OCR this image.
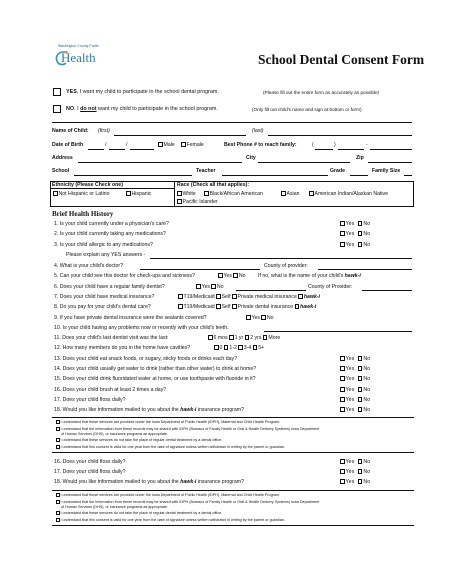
Washington County Public
Health	School Dental Consent Form
YES, I want my child to participate in the school dental program.	(Please fill out the entire form as accurately as possible)
NO, I do not want my child to participate in the school program.	(Only fill out child's name and sign at bottom or form)
Name of Child: (first)	(last)
Date of Birth	/	/	Male	Female	Best Phone # to reach family:	(	)	-
Address	City	Zip
School	Teacher	Grade	Family Size
Ethnicity (Please Check one)
Not Hispanic or Latino	Hispanic
Race (Check all that applies):
White	Black/African American	Asian	American Indian/Alaskan Native
Pacific Islander
Brief Health History
1. Is your child currently under a physician's care?	Yes No
2. Is your child currently taking any medications?	Yes No
3. Is your child allergic to any medications?	Yes No
Please explain any YES answers -
4. What is your child's doctor?	County of provider:
5. Can your child see this doctor for check-ups and sickness?	Yes No If no, what is the name of your child's hawk-i
6. Does your child have a regular family dentist?	Yes No	County of Provider:
7. Does your child have medical insurance?	T19/Medicaid Self Private medical insurance hawk-i
8. Do you pay for your child's dental care?	T19/Medicaid Self Private dental insurance hawk-i
9. If you have private dental insurance were the sealants covered?	Yes No
10. Is your child having any problems now or recently with your child's teeth.
11. Does your child's last dentist visit was the last:	6 mos 1 yr 2 yrs More
12. How many members do you in the home have cavities?	0 1-2 3-4 5+
13. Does your child eat snack foods, or sugary, sticky foods or drinks each day?	Yes No
14. Does your child usually get water to drink (rather than other water) to drink at home?	Yes No
15. Does your child drink fluoridated water at home, or use toothpaste with fluoride in it?	Yes No
16. Does your child brush at least 2 times a day?	Yes No
17. Does your child floss daily?	Yes No
18. Would you like information mailed to you about the hawk-i insurance program?	Yes No
I understand that these services are provided under the Iowa Department of Public Health (IDPH), Maternal and Child Health Program.
I understand that the information from these records may be shared with IDPH (Bureaus of Family Health or Oral & Health Delivery Systems) Iowa Department
of Human Services (DHS), or insurance programs as appropriate.
I understand that these services do not take the place of regular dental treatment by a dental office.
I understand that this consent is valid for one year from the date of signature unless written withdrawn in writing by the parent or guardian.
16. Does your child floss daily?	Yes No
17. Does your child floss daily?	Yes No
18. Would you like information mailed to you about the hawk-i insurance program?	Yes No
I understand that these services are provided under the Iowa Department of Public Health (IDPH), Maternal and Child Health Program.
I understand that the information from these records may be shared with IDPH (Bureaus of Family Health or Oral & Health Delivery Systems) Iowa Department
of Human Services (DHS), or insurance programs as appropriate.
I understand that these services do not take the place of regular dental treatment by a dental office.
I understand that this consent is valid for one year from the date of signature unless written withdrawn in writing by the parent or guardian.
